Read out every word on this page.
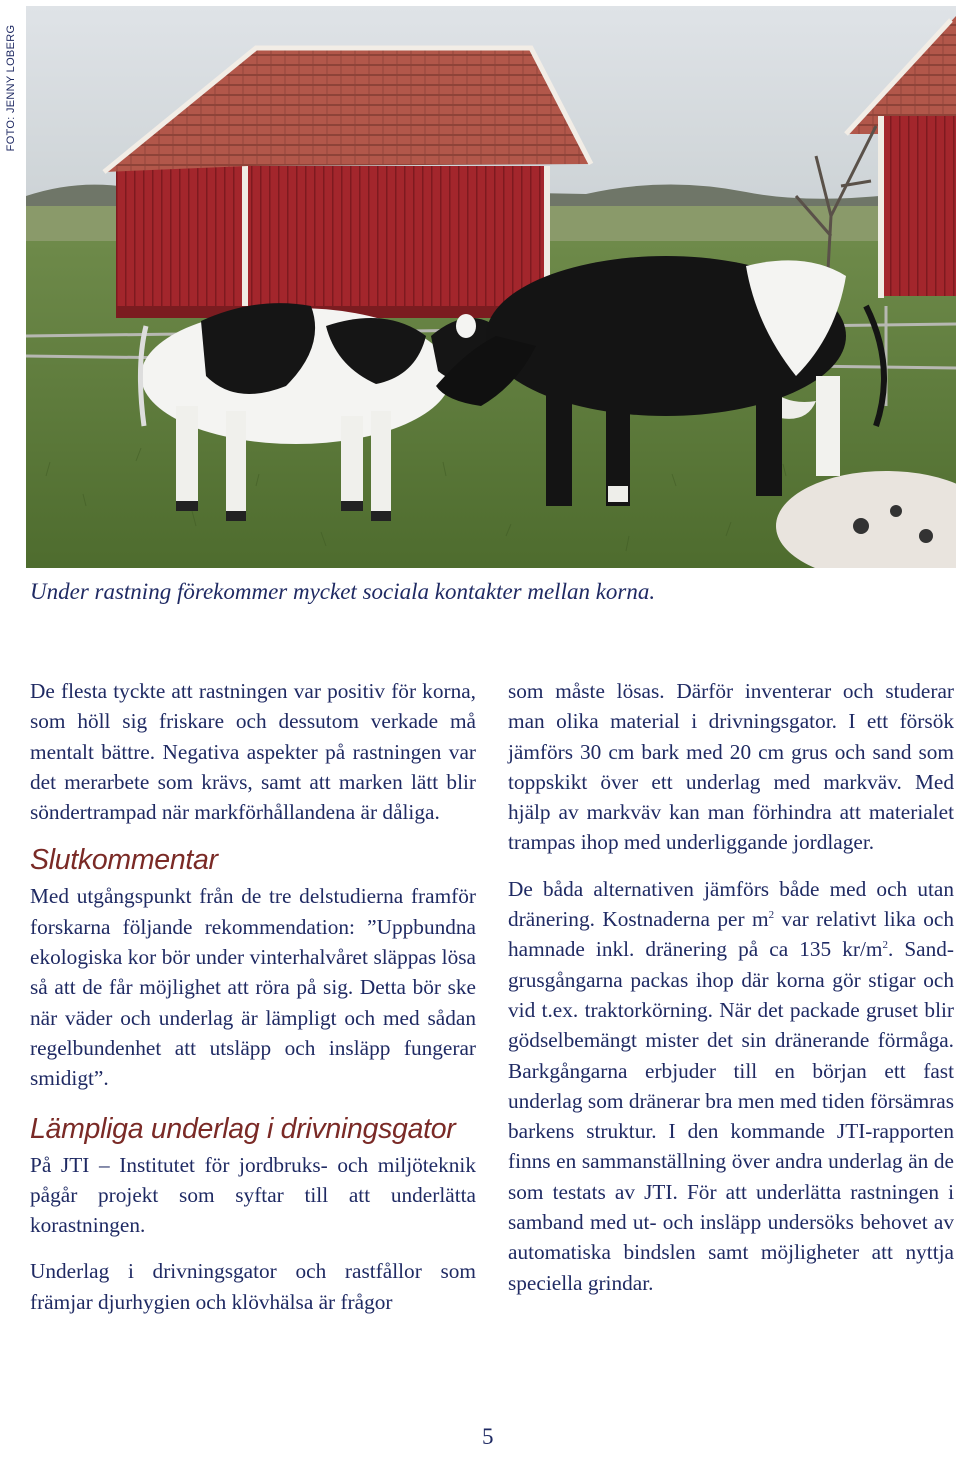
FOTO: JENNY LOBERG
Under rastning förekommer mycket sociala kontakter mellan korna.

De flesta tyckte att rastningen var positiv för korna, som höll sig friskare och dessutom verkade må mentalt bättre. Negativa aspekter på rastningen var det merarbete som krävs, samt att marken lätt blir söndertrampad när markförhållandena är dåliga.

Slutkommentar

Med utgångspunkt från de tre delstudierna framför forskarna följande rekommendation: ”Uppbundna ekologiska kor bör under vinterhalvåret släppas lösa så att de får möjlighet att röra på sig. Detta bör ske när väder och underlag är lämpligt och med sådan regelbundenhet att utsläpp och insläpp fungerar smidigt”.

Lämpliga underlag i drivningsgator

På JTI – Institutet för jordbruks- och miljöteknik pågår projekt som syftar till att underlätta korastningen.

Underlag i drivningsgator och rastfållor som främjar djurhygien och klövhälsa är frågor

som måste lösas. Därför inventerar och studerar man olika material i drivningsgator. I ett försök jämförs 30 cm bark med 20 cm grus och sand som toppskikt över ett underlag med markväv. Med hjälp av markväv kan man förhindra att materialet trampas ihop med underliggande jordlager.

De båda alternativen jämförs både med och utan dränering. Kostnaderna per $m^2$ var relativt lika och hamnade inkl. dränering på ca 135 $kr/m^2$. Sand-grusgångarna packas ihop där korna gör stigar och vid t.ex. traktorkörning. När det packade gruset blir gödselbemängt mister det sin dränerande förmåga. Barkgångarna erbjuder till en början ett fast underlag som dränerar bra men med tiden försämras barkens struktur. I den kommande JTI-rapporten finns en sammanställning över andra underlag än de som testats av JTI. För att underlätta rastningen i samband med ut- och insläpp undersöks behovet av automatiska bindslen samt möjligheter att nyttja speciella grindar.

5
